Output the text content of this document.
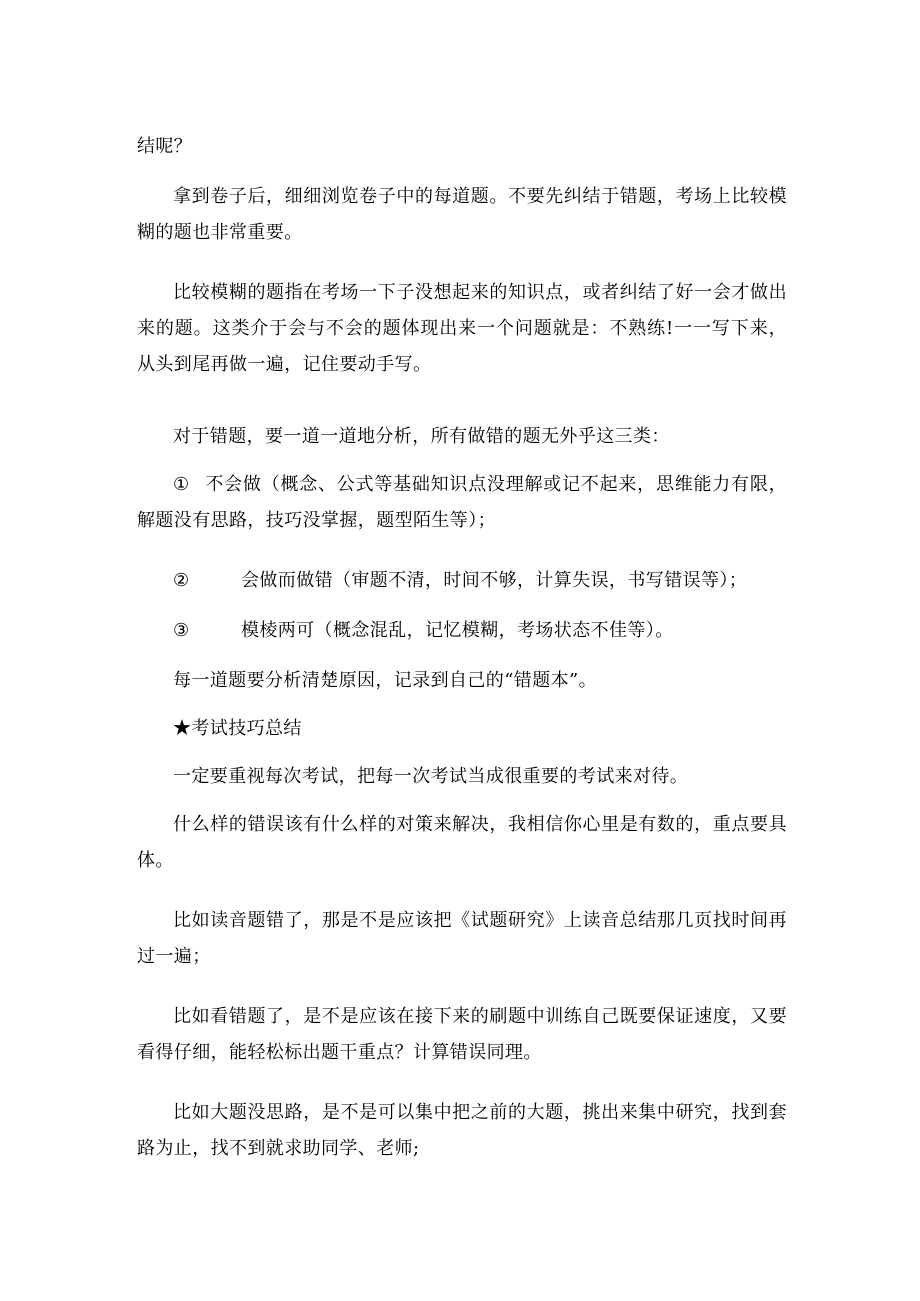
结呢？

拿到卷子后，细细浏览卷子中的每道题。不要先纠结于错题，考场上比较模糊的题也非常重要。

比较模糊的题指在考场一下子没想起来的知识点，或者纠结了好一会才做出来的题。这类介于会与不会的题体现出来一个问题就是：不熟练!一一写下来，从头到尾再做一遍，记住要动手写。

对于错题，要一道一道地分析，所有做错的题无外乎这三类：

① 不会做（概念、公式等基础知识点没理解或记不起来，思维能力有限，解题没有思路，技巧没掌握，题型陌生等）；

②	会做而做错（审题不清，时间不够，计算失误，书写错误等）；

③	模棱两可（概念混乱，记忆模糊，考场状态不佳等）。

每一道题要分析清楚原因，记录到自己的“错题本”。

★考试技巧总结

一定要重视每次考试，把每一次考试当成很重要的考试来对待。

什么样的错误该有什么样的对策来解决，我相信你心里是有数的，重点要具体。

比如读音题错了，那是不是应该把《试题研究》上读音总结那几页找时间再过一遍；

比如看错题了，是不是应该在接下来的刷题中训练自己既要保证速度，又要看得仔细，能轻松标出题干重点？计算错误同理。

比如大题没思路，是不是可以集中把之前的大题，挑出来集中研究，找到套路为止，找不到就求助同学、老师;
